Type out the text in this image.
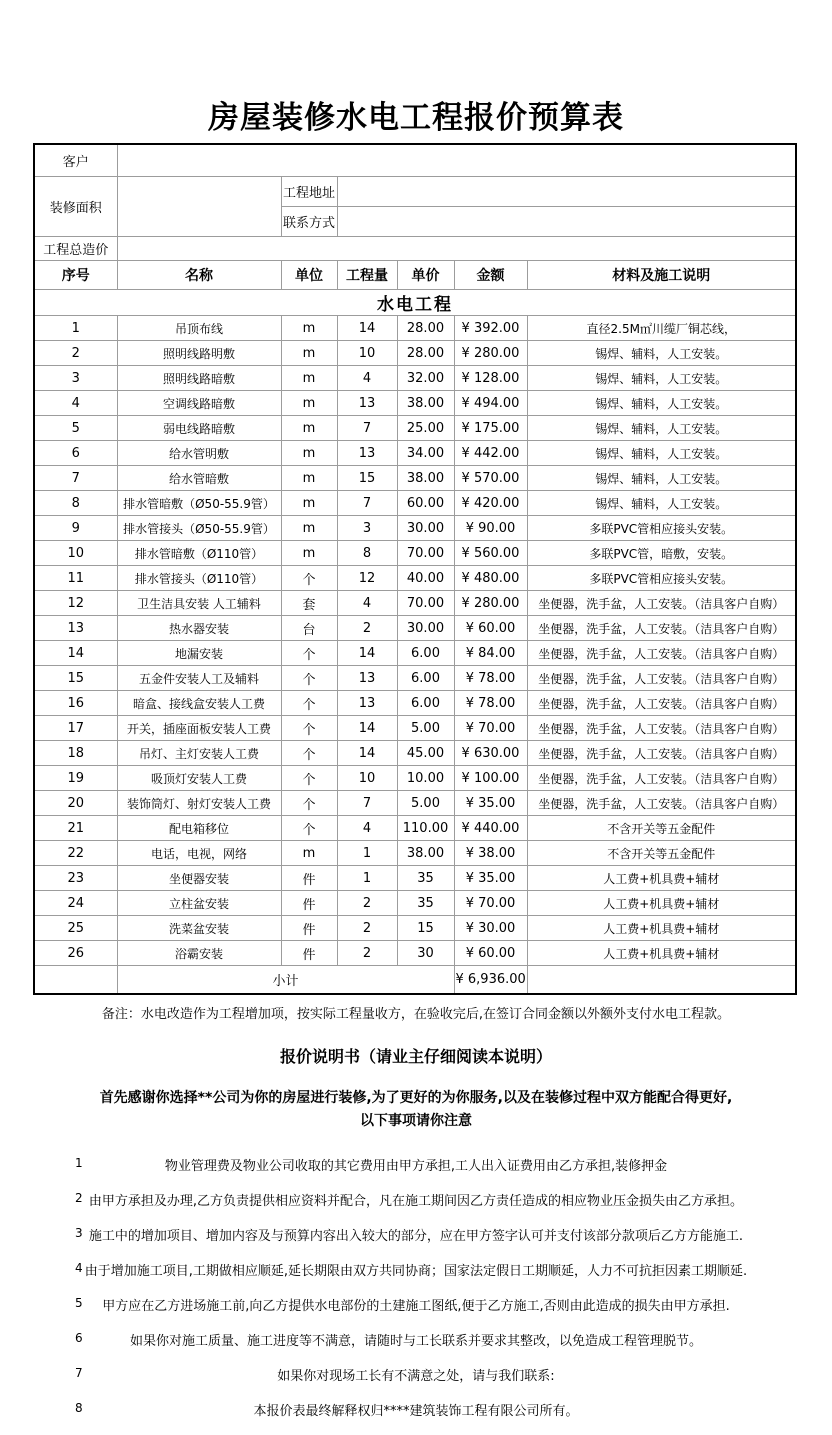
房屋装修水电工程报价预算表
客户						
装修面积		工程地址				
		联系方式				
工程总造价						
序号	名称	单位	工程量	单价	金额	材料及施工说明
水电工程						
1	吊顶布线	m	14	28.00	¥ 392.00	直径2.5M㎡川缆厂铜芯线，
2	照明线路明敷	m	10	28.00	¥ 280.00	锡焊、辅料，人工安装。
3	照明线路暗敷	m	4	32.00	¥ 128.00	锡焊、辅料，人工安装。
4	空调线路暗敷	m	13	38.00	¥ 494.00	锡焊、辅料，人工安装。
5	弱电线路暗敷	m	7	25.00	¥ 175.00	锡焊、辅料，人工安装。
6	给水管明敷	m	13	34.00	¥ 442.00	锡焊、辅料，人工安装。
7	给水管暗敷	m	15	38.00	¥ 570.00	锡焊、辅料，人工安装。
8	排水管暗敷（Ø50-55.9管）	m	7	60.00	¥ 420.00	锡焊、辅料，人工安装。
9	排水管接头（Ø50-55.9管）	m	3	30.00	¥ 90.00	多联PVC管相应接头安装。
10	排水管暗敷（Ø110管）	m	8	70.00	¥ 560.00	多联PVC管，暗敷，安装。
11	排水管接头（Ø110管）	个	12	40.00	¥ 480.00	多联PVC管相应接头安装。
12	卫生洁具安装 人工辅料	套	4	70.00	¥ 280.00	坐便器，洗手盆，人工安装。（洁具客户自购）
13	热水器安装	台	2	30.00	¥ 60.00	坐便器，洗手盆，人工安装。（洁具客户自购）
14	地漏安装	个	14	6.00	¥ 84.00	坐便器，洗手盆，人工安装。（洁具客户自购）
15	五金件安装人工及辅料	个	13	6.00	¥ 78.00	坐便器，洗手盆，人工安装。（洁具客户自购）
16	暗盒、接线盒安装人工费	个	13	6.00	¥ 78.00	坐便器，洗手盆，人工安装。（洁具客户自购）
17	开关，插座面板安装人工费	个	14	5.00	¥ 70.00	坐便器，洗手盆，人工安装。（洁具客户自购）
18	吊灯、主灯安装人工费	个	14	45.00	¥ 630.00	坐便器，洗手盆，人工安装。（洁具客户自购）
19	吸顶灯安装人工费	个	10	10.00	¥ 100.00	坐便器，洗手盆，人工安装。（洁具客户自购）
20	装饰筒灯、射灯安装人工费	个	7	5.00	¥ 35.00	坐便器，洗手盆，人工安装。（洁具客户自购）
21	配电箱移位	个	4	110.00	¥ 440.00	不含开关等五金配件
22	电话，电视，网络	m	1	38.00	¥ 38.00	不含开关等五金配件
23	坐便器安装	件	1	35	¥ 35.00	人工费+机具费+辅材
24	立柱盆安装	件	2	35	¥ 70.00	人工费+机具费+辅材
25	洗菜盆安装	件	2	15	¥ 30.00	人工费+机具费+辅材
26	浴霸安装	件	2	30	¥ 60.00	人工费+机具费+辅材
	小计				¥ 6,936.00	
备注：水电改造作为工程增加项，按实际工程量收方，在验收完后,在签订合同金额以外额外支付水电工程款。
报价说明书（请业主仔细阅读本说明）
首先感谢你选择**公司为你的房屋进行装修,为了更好的为你服务,以及在装修过程中双方能配合得更好,
以下事项请你注意
1	物业管理费及物业公司收取的其它费用由甲方承担,工人出入证费用由乙方承担,装修押金
2 由甲方承担及办理,乙方负责提供相应资料并配合，凡在施工期间因乙方责任造成的相应物业压金损失由乙方承担。
3 施工中的增加项目、增加内容及与预算内容出入较大的部分，应在甲方签字认可并支付该部分款项后乙方方能施工.
4 由于增加施工项目,工期做相应顺延,延长期限由双方共同协商；国家法定假日工期顺延，人力不可抗拒因素工期顺延.
5 甲方应在乙方进场施工前,向乙方提供水电部份的土建施工图纸,便于乙方施工,否则由此造成的损失由甲方承担.
6	如果你对施工质量、施工进度等不满意，请随时与工长联系并要求其整改，以免造成工程管理脱节。
7	如果你对现场工长有不满意之处，请与我们联系:
8	本报价表最终解释权归****建筑装饰工程有限公司所有。
